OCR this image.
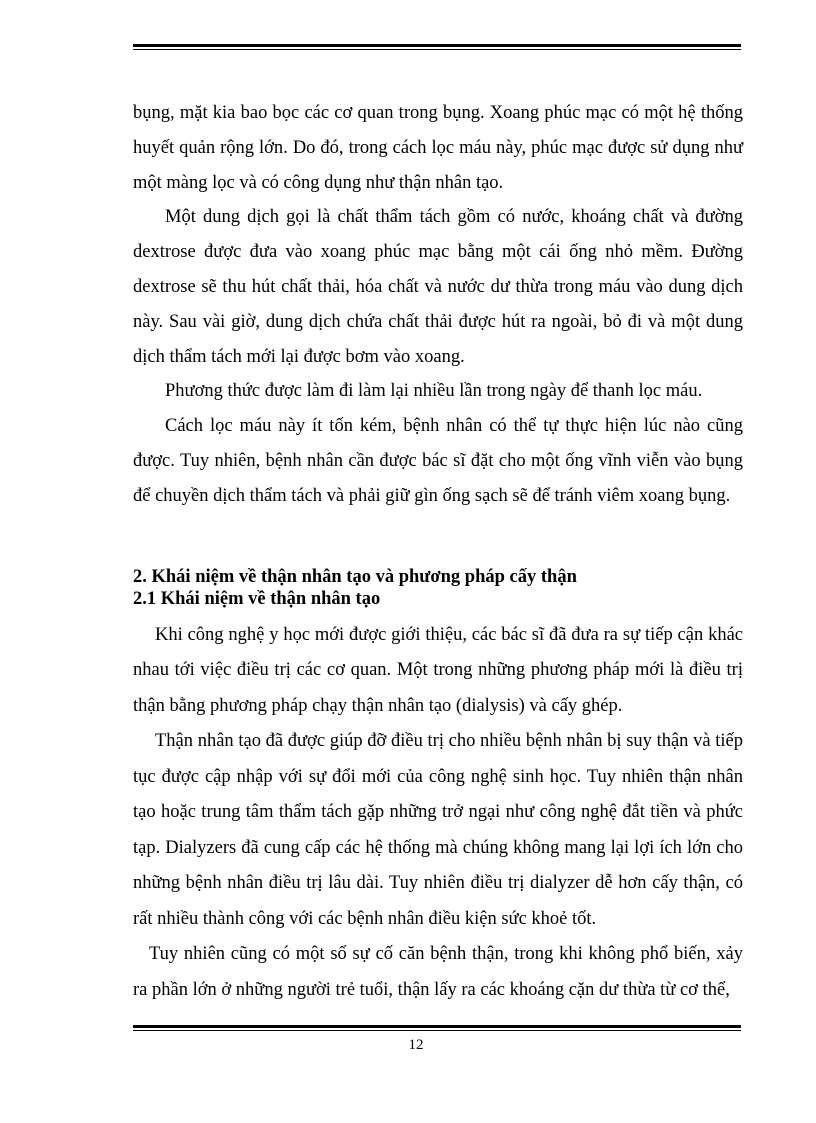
bụng, mặt kia bao bọc các cơ quan trong bụng. Xoang phúc mạc có một hệ thống huyết quản rộng lớn. Do đó, trong cách lọc máu này, phúc mạc được sử dụng như một màng lọc và có công dụng như thận nhân tạo.

Một dung dịch gọi là chất thẩm tách gồm có nước, khoáng chất và đường dextrose được đưa vào xoang phúc mạc bằng một cái ống nhỏ mềm. Đường dextrose sẽ thu hút chất thải, hóa chất và nước dư thừa trong máu vào dung dịch này. Sau vài giờ, dung dịch chứa chất thải được hút ra ngoài, bỏ đi và một dung dịch thẩm tách mới lại được bơm vào xoang.

Phương thức được làm đi làm lại nhiều lần trong ngày để thanh lọc máu.

Cách lọc máu này ít tốn kém, bệnh nhân có thể tự thực hiện lúc nào cũng được. Tuy nhiên, bệnh nhân cần được bác sĩ đặt cho một ống vĩnh viễn vào bụng để chuyền dịch thẩm tách và phải giữ gìn ống sạch sẽ để tránh viêm xoang bụng.

2. Khái niệm về thận nhân tạo và phương pháp cấy thận
2.1 Khái niệm về thận nhân tạo

Khi công nghệ y học mới được giới thiệu, các bác sĩ đã đưa ra sự tiếp cận khác nhau tới việc điều trị các cơ quan. Một trong những phương pháp mới là điều trị thận bằng phương pháp chạy thận nhân tạo (dialysis) và cấy ghép.

Thận nhân tạo đã được giúp đỡ điều trị cho nhiều bệnh nhân bị suy thận và tiếp tục được cập nhập với sự đổi mới của công nghệ sinh học. Tuy nhiên thận nhân tạo hoặc trung tâm thẩm tách gặp những trở ngại như công nghệ đắt tiền và phức tạp. Dialyzers đã cung cấp các hệ thống mà chúng không mang lại lợi ích lớn cho những bệnh nhân điều trị lâu dài. Tuy nhiên điều trị dialyzer dễ hơn cấy thận, có rất nhiều thành công với các bệnh nhân điều kiện sức khoẻ tốt.

Tuy nhiên cũng có một số sự cố căn bệnh thận, trong khi không phổ biến, xảy ra phần lớn ở những người trẻ tuổi, thận lấy ra các khoáng cặn dư thừa từ cơ thể,

12
